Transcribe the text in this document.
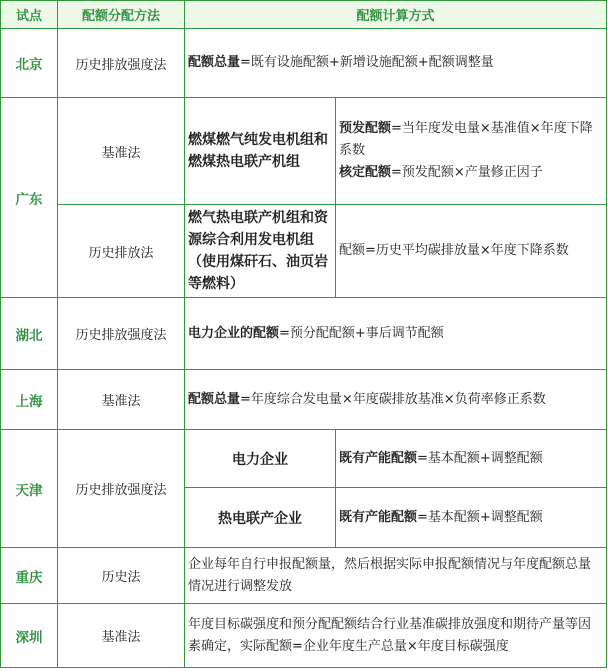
试点	配额分配方法	配额计算方式	
北京	历史排放强度法	配额总量=既有设施配额+新增设施配额+配额调整量	
广东	基准法	燃煤燃气纯发电机组和燃煤热电联产机组	预发配额=当年度发电量×基准值×年度下降系数
核定配额=预发配额×产量修正因子

	历史排放法	燃气热电联产机组和资源综合利用发电机组（使用煤矸石、油页岩等燃料）	配额=历史平均碳排放量×年度下降系数
湖北	历史排放强度法	电力企业的配额=预分配配额+事后调节配额	
上海	基准法	配额总量=年度综合发电量×年度碳排放基准×负荷率修正系数	
天津	历史排放强度法	电力企业	既有产能配额=基本配额+调整配额
		热电联产企业	既有产能配额=基本配额+调整配额
重庆	历史法	企业每年自行申报配额量，然后根据实际申报配额情况与年度配额总量情况进行调整发放	
深圳	基准法	年度目标碳强度和预分配配额结合行业基准碳排放强度和期待产量等因素确定，实际配额=企业年度生产总量×年度目标碳强度	
